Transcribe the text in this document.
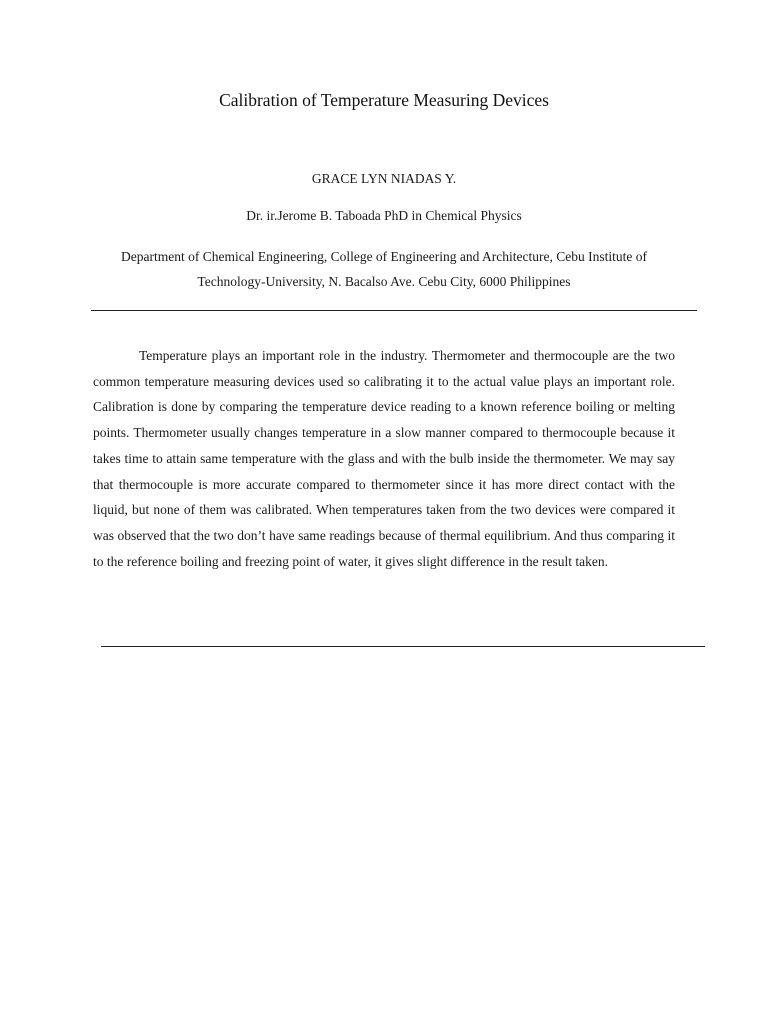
Calibration of Temperature Measuring Devices
GRACE LYN NIADAS Y.
Dr. ir.Jerome B. Taboada PhD in Chemical Physics
Department of Chemical Engineering, College of Engineering and Architecture, Cebu Institute of Technology-University, N. Bacalso Ave. Cebu City, 6000 Philippines

Temperature plays an important role in the industry. Thermometer and thermocouple are the two common temperature measuring devices used so calibrating it to the actual value plays an important role. Calibration is done by comparing the temperature device reading to a known reference boiling or melting points. Thermometer usually changes temperature in a slow manner compared to thermocouple because it takes time to attain same temperature with the glass and with the bulb inside the thermometer. We may say that thermocouple is more accurate compared to thermometer since it has more direct contact with the liquid, but none of them was calibrated. When temperatures taken from the two devices were compared it was observed that the two don’t have same readings because of thermal equilibrium. And thus comparing it to the reference boiling and freezing point of water, it gives slight difference in the result taken.
